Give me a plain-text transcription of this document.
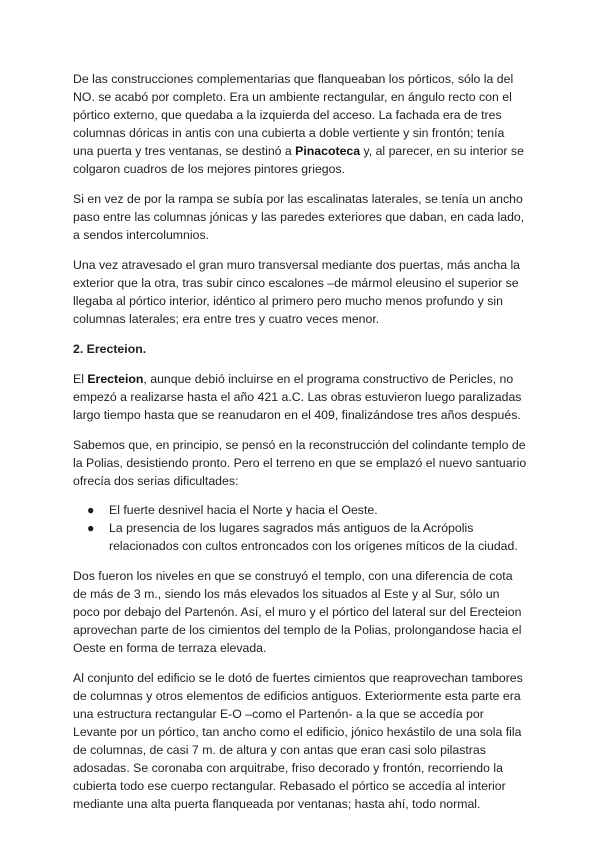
De las construcciones complementarias que flanqueaban los pórticos, sólo la del NO. se acabó por completo. Era un ambiente rectangular, en ángulo recto con el pórtico externo, que quedaba a la izquierda del acceso. La fachada era de tres columnas dóricas in antis con una cubierta a doble vertiente y sin frontón; tenía una puerta y tres ventanas, se destinó a Pinacoteca y, al parecer, en su interior se colgaron cuadros de los mejores pintores griegos.

Si en vez de por la rampa se subía por las escalinatas laterales, se tenía un ancho paso entre las columnas jónicas y las paredes exteriores que daban, en cada lado, a sendos intercolumnios.

Una vez atravesado el gran muro transversal mediante dos puertas, más ancha la exterior que la otra, tras subir cinco escalones –de mármol eleusino el superior se llegaba al pórtico interior, idéntico al primero pero mucho menos profundo y sin columnas laterales; era entre tres y cuatro veces menor.

2. Erecteion.

El Erecteion, aunque debió incluirse en el programa constructivo de Pericles, no empezó a realizarse hasta el año 421 a.C. Las obras estuvieron luego paralizadas largo tiempo hasta que se reanudaron en el 409, finalizándose tres años después.

Sabemos que, en principio, se pensó en la reconstrucción del colindante templo de la Polias, desistiendo pronto. Pero el terreno en que se emplazó el nuevo santuario ofrecía dos serias dificultades:

● El fuerte desnivel hacia el Norte y hacia el Oeste.
● La presencia de los lugares sagrados más antiguos de la Acrópolis relacionados con cultos entroncados con los orígenes míticos de la ciudad.

Dos fueron los niveles en que se construyó el templo, con una diferencia de cota de más de 3 m., siendo los más elevados los situados al Este y al Sur, sólo un poco por debajo del Partenón. Así, el muro y el pórtico del lateral sur del Erecteion aprovechan parte de los cimientos del templo de la Polias, prolongandose hacia el Oeste en forma de terraza elevada.

Al conjunto del edificio se le dotó de fuertes cimientos que reaprovechan tambores de columnas y otros elementos de edificios antiguos. Exteriormente esta parte era una estructura rectangular E-O –como el Partenón- a la que se accedía por Levante por un pórtico, tan ancho como el edificio, jónico hexástilo de una sola fila de columnas, de casi 7 m. de altura y con antas que eran casi solo pilastras adosadas. Se coronaba con arquitrabe, friso decorado y frontón, recorriendo la cubierta todo ese cuerpo rectangular. Rebasado el pórtico se accedía al interior mediante una alta puerta flanqueada por ventanas; hasta ahí, todo normal.
